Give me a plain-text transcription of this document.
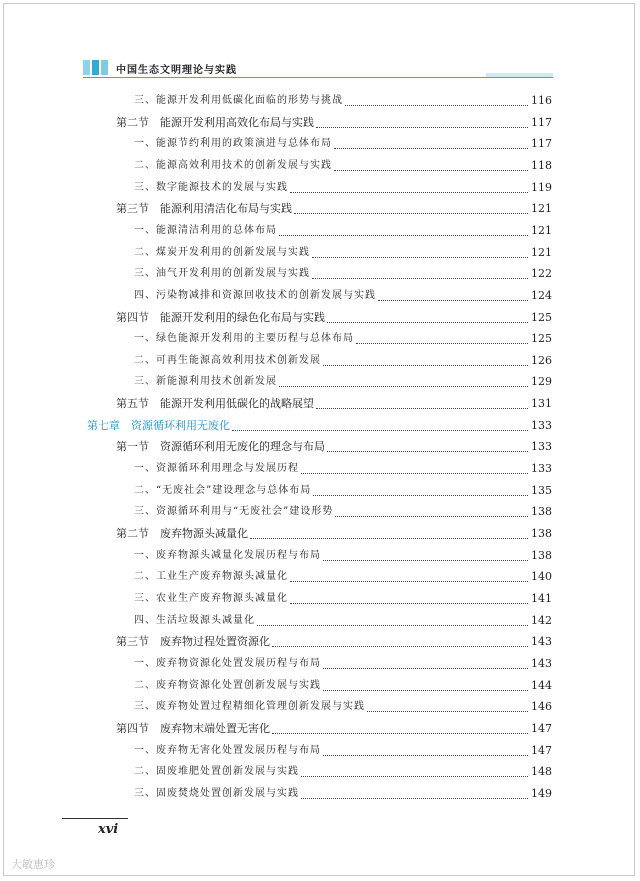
中国生态文明理论与实践
三、能源开发利用低碳化面临的形势与挑战	116
第二节　能源开发利用高效化布局与实践	117
一、能源节约利用的政策演进与总体布局	117
二、能源高效利用技术的创新发展与实践	118
三、数字能源技术的发展与实践	119
第三节　能源利用清洁化布局与实践	121
一、能源清洁利用的总体布局	121
二、煤炭开发利用的创新发展与实践	121
三、油气开发利用的创新发展与实践	122
四、污染物减排和资源回收技术的创新发展与实践	124
第四节　能源开发利用的绿色化布局与实践	125
一、绿色能源开发利用的主要历程与总体布局	125
二、可再生能源高效利用技术创新发展	126
三、新能源利用技术创新发展	129
第五节　能源开发利用低碳化的战略展望	131
第七章　资源循环利用无废化	133
第一节　资源循环利用无废化的理念与布局	133
一、资源循环利用理念与发展历程	133
二、“无废社会”建设理念与总体布局	135
三、资源循环利用与“无废社会”建设形势	138
第二节　废弃物源头减量化	138
一、废弃物源头减量化发展历程与布局	138
二、工业生产废弃物源头减量化	140
三、农业生产废弃物源头减量化	141
四、生活垃圾源头减量化	142
第三节　废弃物过程处置资源化	143
一、废弃物资源化处置发展历程与布局	143
二、废弃物资源化处置创新发展与实践	144
三、废弃物处置过程精细化管理创新发展与实践	146
第四节　废弃物末端处置无害化	147
一、废弃物无害化处置发展历程与布局	147
二、固废堆肥处置创新发展与实践	148
三、固废焚烧处置创新发展与实践	149
xvi
大敏惠珍
